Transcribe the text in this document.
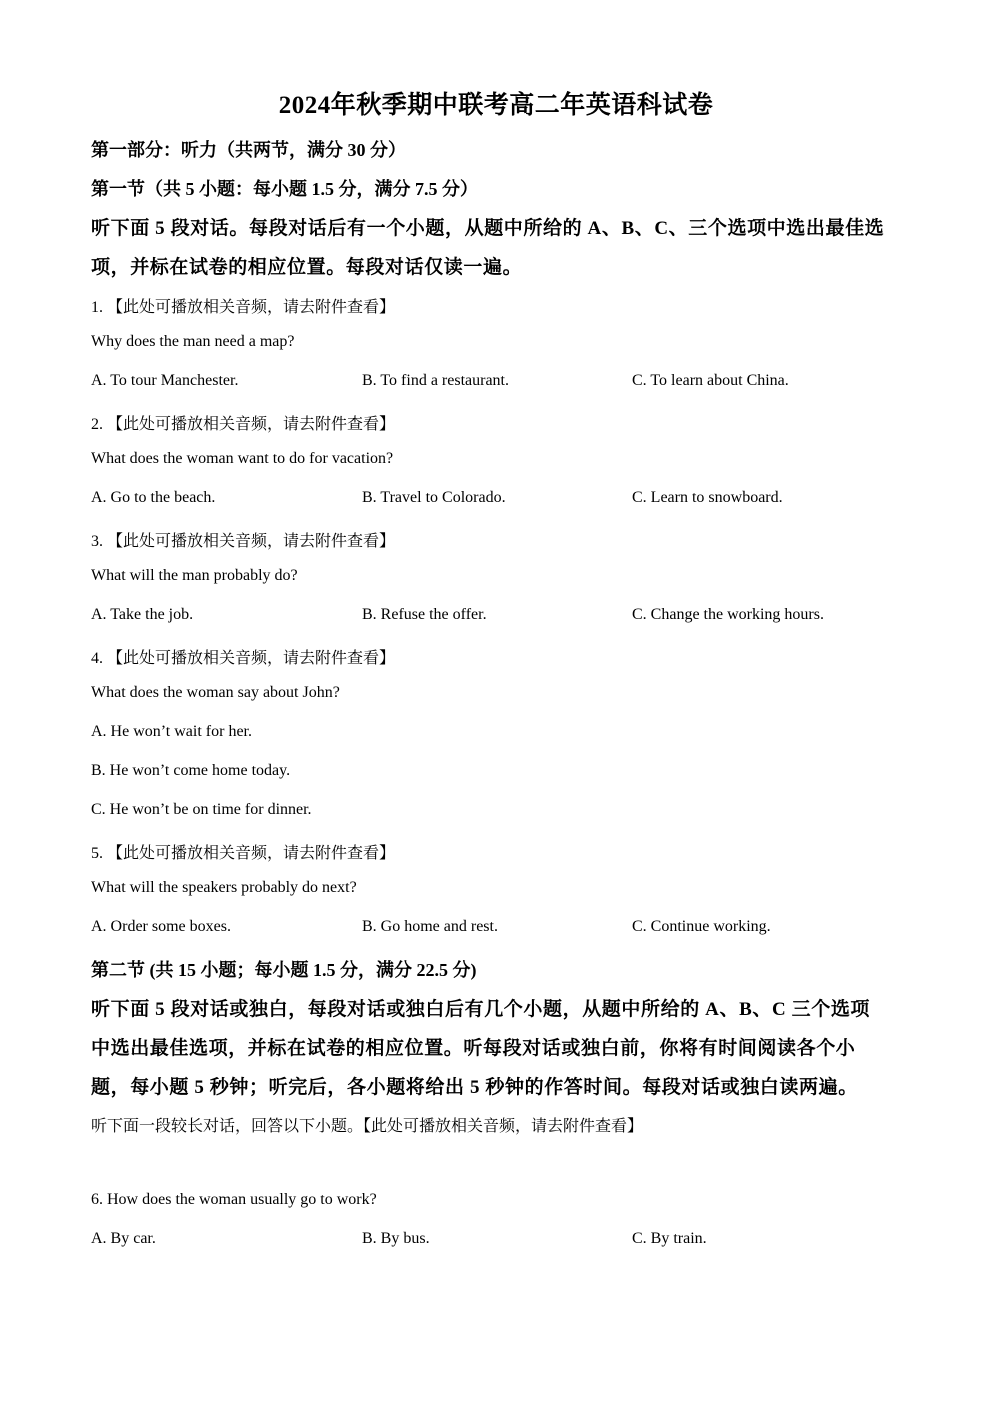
2024年秋季期中联考高二年英语科试卷
第一部分：听力（共两节，满分 30 分）
第一节（共 5 小题：每小题 1.5 分，满分 7.5 分）
听下面 5 段对话。每段对话后有一个小题，从题中所给的 A、B、C、三个选项中选出最佳选
项，并标在试卷的相应位置。每段对话仅读一遍。
1. 【此处可播放相关音频，请去附件查看】
Why does the man need a map?
A. To tour Manchester.	B. To find a restaurant.	C. To learn about China.
2. 【此处可播放相关音频，请去附件查看】
What does the woman want to do for vacation?
A. Go to the beach.	B. Travel to Colorado.	C. Learn to snowboard.
3. 【此处可播放相关音频，请去附件查看】
What will the man probably do?
A. Take the job.	B. Refuse the offer.	C. Change the working hours.
4. 【此处可播放相关音频，请去附件查看】
What does the woman say about John?
A. He won’t wait for her.
B. He won’t come home today.
C. He won’t be on time for dinner.
5. 【此处可播放相关音频，请去附件查看】
What will the speakers probably do next?
A. Order some boxes.	B. Go home and rest.	C. Continue working.
第二节 (共 15 小题；每小题 1.5 分，满分 22.5 分)
听下面 5 段对话或独白，每段对话或独白后有几个小题，从题中所给的 A、B、C 三个选项
中选出最佳选项，并标在试卷的相应位置。听每段对话或独白前，你将有时间阅读各个小
题，每小题 5 秒钟；听完后，各小题将给出 5 秒钟的作答时间。每段对话或独白读两遍。
听下面一段较长对话，回答以下小题。【此处可播放相关音频，请去附件查看】
6. How does the woman usually go to work?
A. By car.	B. By bus.	C. By train.
